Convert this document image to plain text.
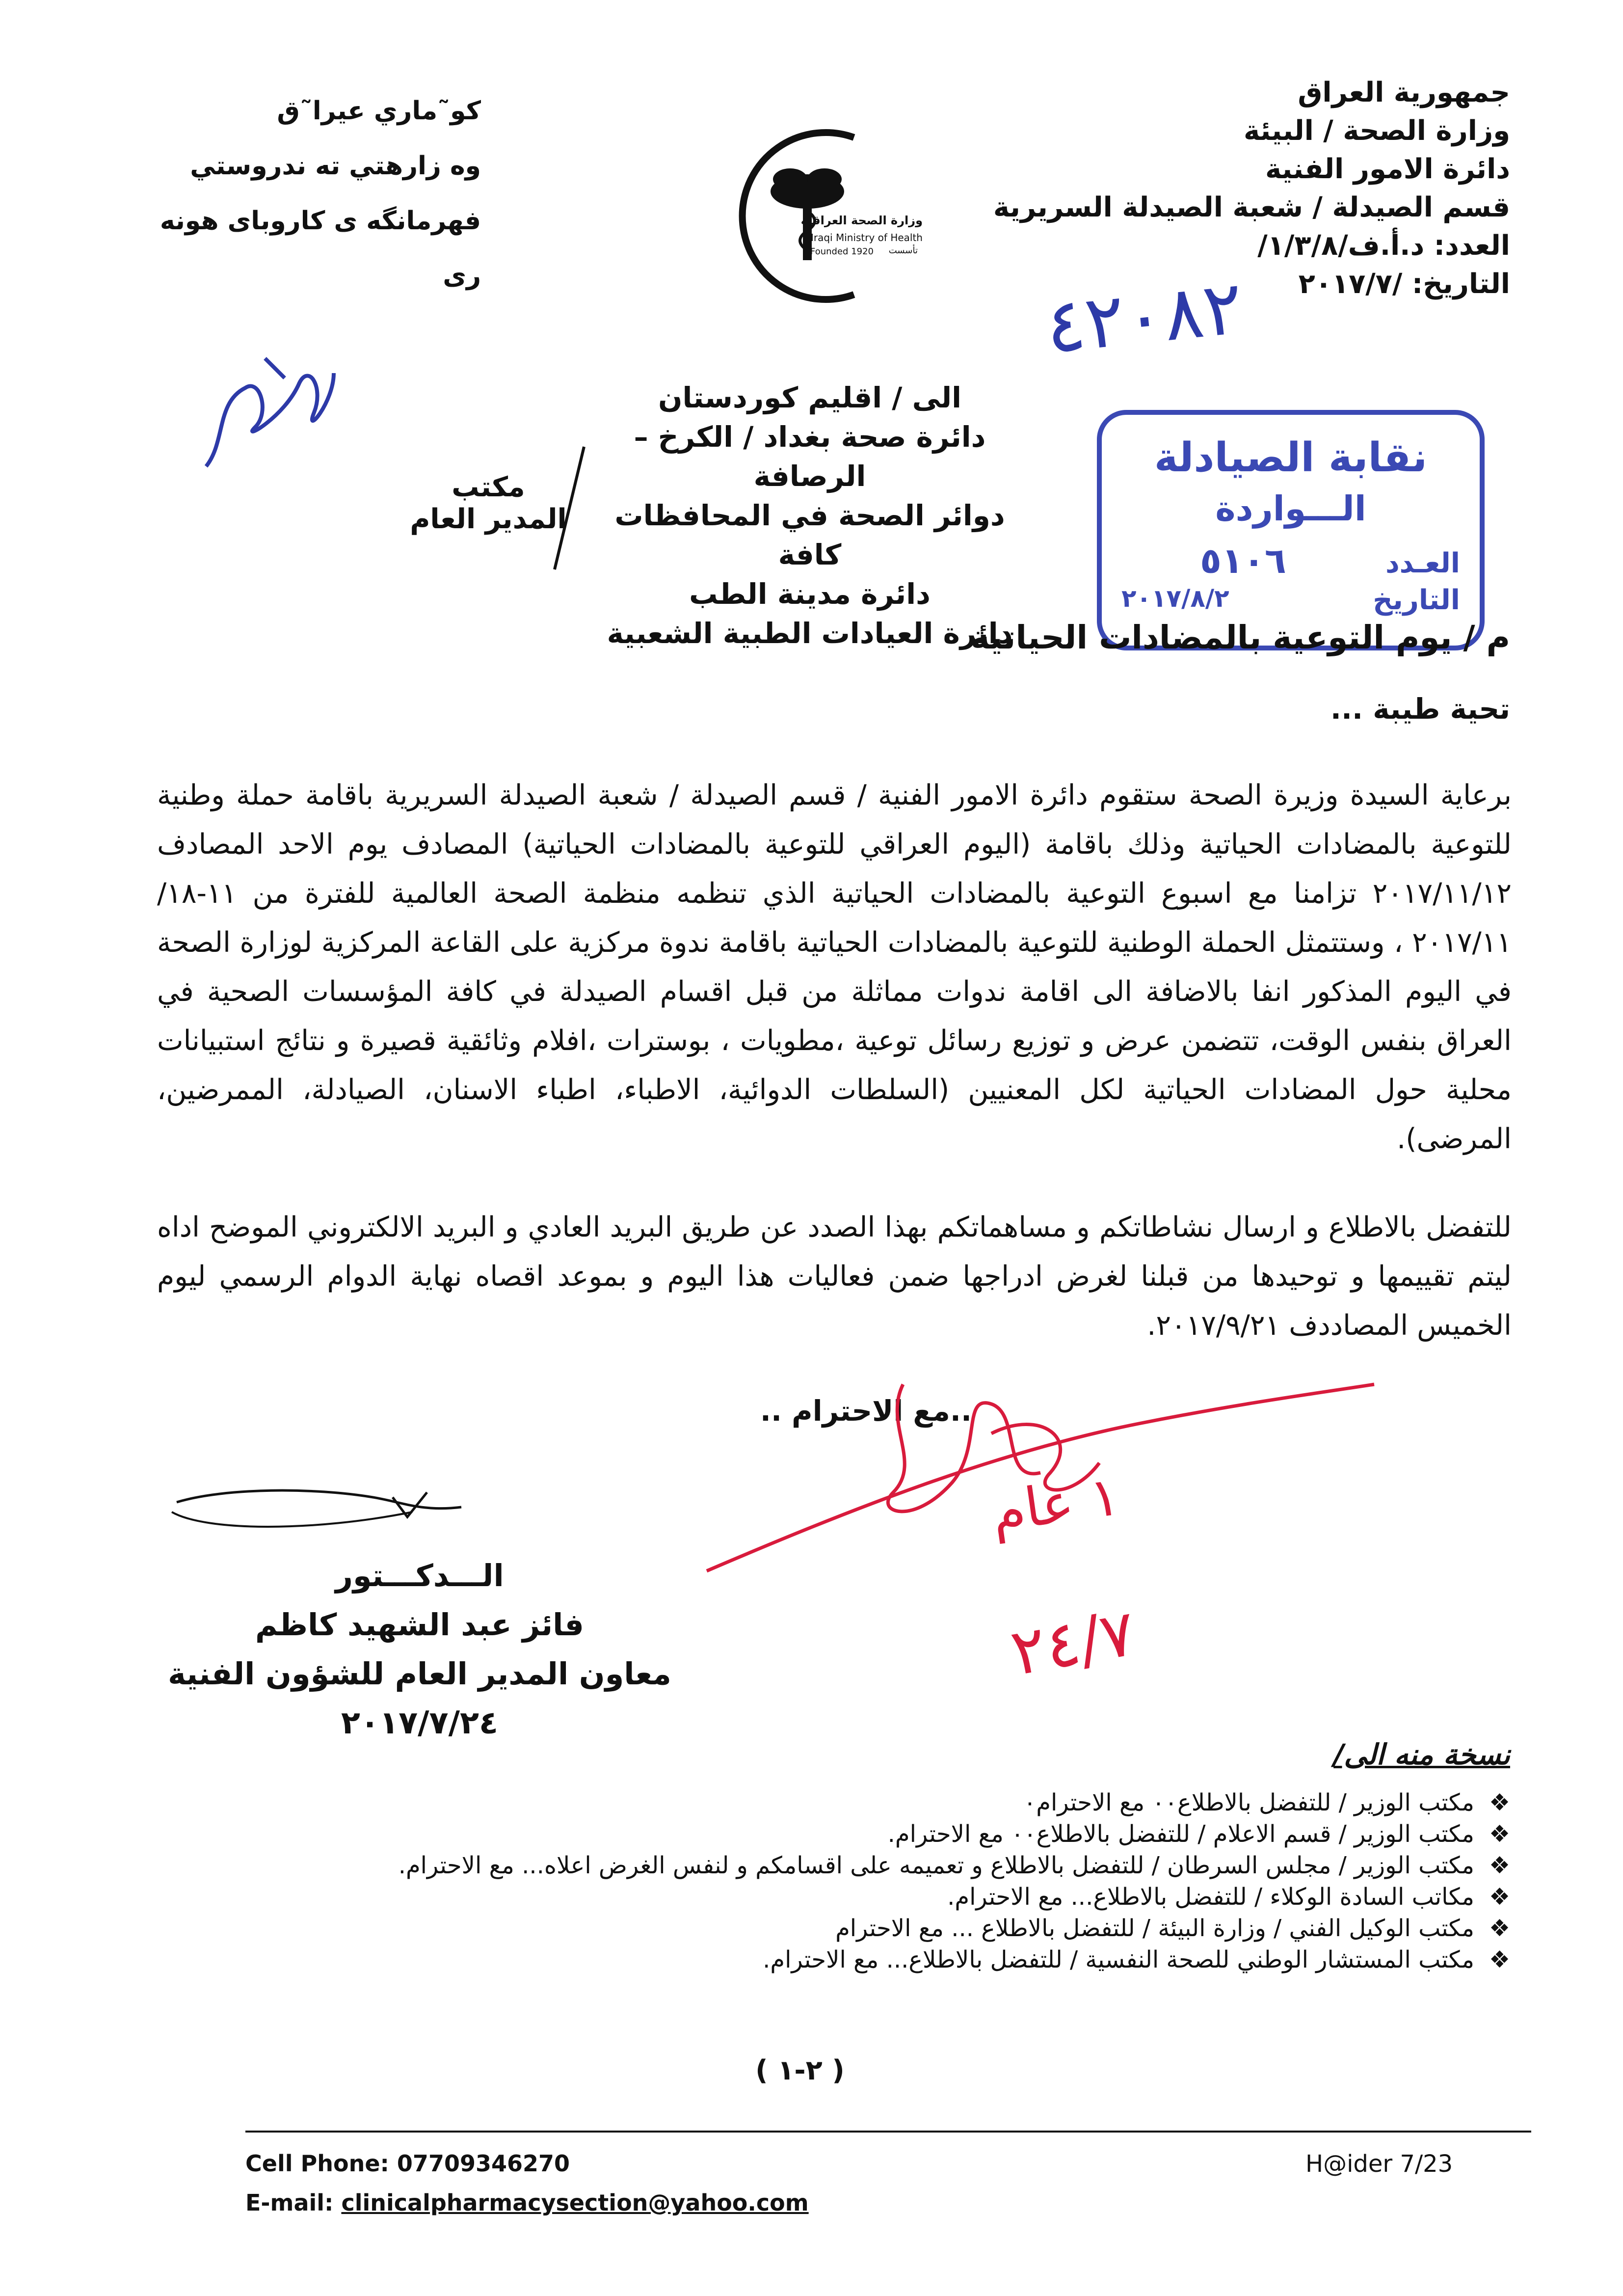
جمهورية العراق
وزارة الصحة / البيئة
دائرة الامور الفنية
قسم الصيدلة / شعبة الصيدلة السريرية
العدد: د.أ.ف/١/٣/٨/
التاريخ: /٢٠١٧/٧
كو˜ماري عيرا˜ق
وه زارهتي ته ندروستي
فهرمانگه ى كاروباى هونه رى
وزارة الصحة العراقية
Iraqi Ministry of Health
Founded 1920	تأسست
٤٢٠٨٢
الى / اقليم كوردستان
دائرة صحة بغداد / الكرخ – الرصافة
دوائر الصحة في المحافظات كافة
دائرة مدينة الطب
دائرة العيادات الطبية الشعبية
مكتب المدير العام
نقابة الصيادلة
الـــواردة
العـدد
٥١٠٦
التاريخ
٢٠١٧/٨/٢
م / يوم التوعية بالمضادات الحياتية
تحية طيبة ...
برعاية السيدة وزيرة الصحة ستقوم دائرة الامور الفنية / قسم الصيدلة / شعبة الصيدلة السريرية باقامة حملة وطنية للتوعية بالمضادات الحياتية وذلك باقامة (اليوم العراقي للتوعية بالمضادات الحياتية) المصادف يوم الاحد المصادف ٢٠١٧/١١/١٢ تزامنا مع اسبوع التوعية بالمضادات الحياتية الذي تنظمه منظمة الصحة العالمية للفترة من ١١-١٨/ ٢٠١٧/١١ ، وستتمثل الحملة الوطنية للتوعية بالمضادات الحياتية باقامة ندوة مركزية على القاعة المركزية لوزارة الصحة في اليوم المذكور انفا بالاضافة الى اقامة ندوات مماثلة من قبل اقسام الصيدلة في كافة المؤسسات الصحية في العراق بنفس الوقت، تتضمن عرض و توزيع رسائل توعية ،مطويات ، بوسترات ،افلام وثائقية قصيرة و نتائج استبيانات محلية حول المضادات الحياتية لكل المعنيين (السلطات الدوائية، الاطباء، اطباء الاسنان، الصيادلة، الممرضين، المرضى).
للتفضل بالاطلاع و ارسال نشاطاتكم و مساهماتكم بهذا الصدد عن طريق البريد العادي و البريد الالكتروني الموضح اداه ليتم تقييمها و توحيدها من قبلنا لغرض ادراجها ضمن فعاليات هذا اليوم و بموعد اقصاه نهاية الدوام الرسمي ليوم الخميس المصاددف ٢٠١٧/٩/٢١.
..مع الاحترام ..
١ عام
٢٤/٧
الـــدكـــتور
فائز عبد الشهيد كاظم
معاون المدير العام للشؤون الفنية
٢٠١٧/٧/٢٤
نسخة منه الى/
❖مكتب الوزير / للتفضل بالاطلاع٠٠ مع الاحترام٠
❖مكتب الوزير / قسم الاعلام / للتفضل بالاطلاع٠٠ مع الاحترام.
❖مكتب الوزير / مجلس السرطان / للتفضل بالاطلاع و تعميمه على اقسامكم و لنفس الغرض اعلاه... مع الاحترام.
❖مكاتب السادة الوكلاء / للتفضل بالاطلاع... مع الاحترام.
❖مكتب الوكيل الفني / وزارة البيئة / للتفضل بالاطلاع ... مع الاحترام
❖مكتب المستشار الوطني للصحة النفسية / للتفضل بالاطلاع... مع الاحترام.
( ٢-١ )
Cell Phone: 07709346270
E-mail: clinicalpharmacysection@yahoo.com
H@ider 7/23
